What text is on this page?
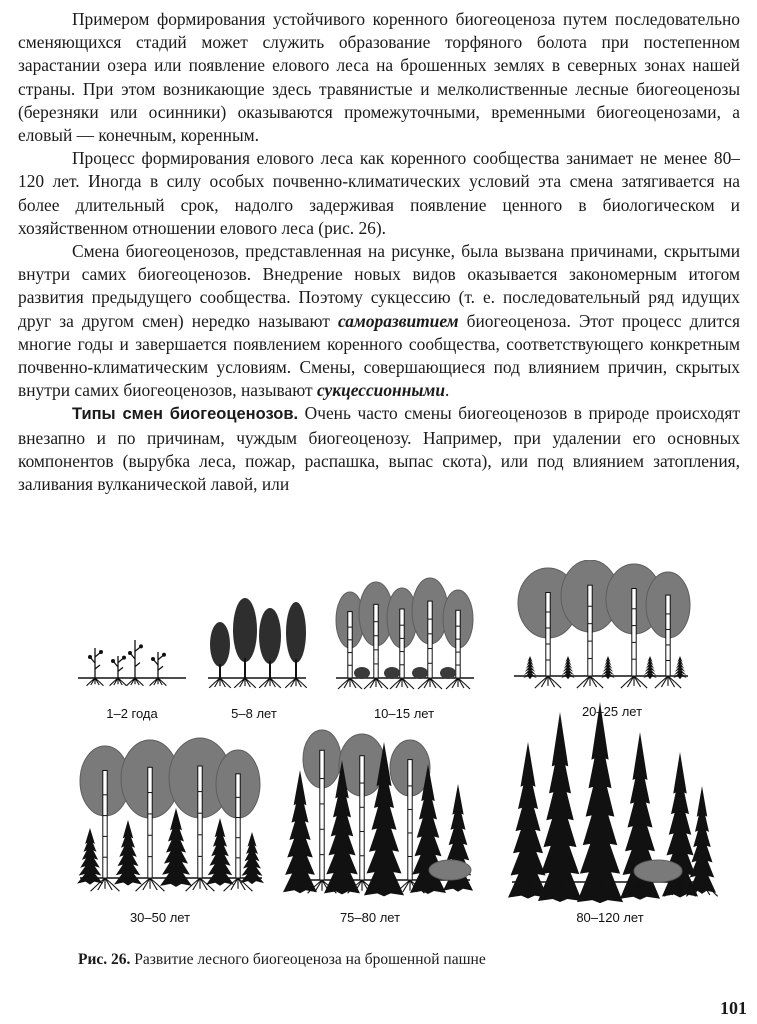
Примером формирования устойчивого коренного биогеоценоза путем последовательно сменяющихся стадий может служить образование торфяного болота при постепенном зарастании озера или появление елового леса на брошенных землях в северных зонах нашей страны. При этом возникающие здесь травянистые и мелколиственные лесные биогеоценозы (березняки или осинники) оказываются промежуточными, временными биогеоценозами, а еловый — конечным, коренным.

Процесс формирования елового леса как коренного сообщества занимает не менее 80–120 лет. Иногда в силу особых почвенно-климатических условий эта смена затягивается на более длительный срок, надолго задерживая появление ценного в биологическом и хозяйственном отношении елового леса (рис. 26).

Смена биогеоценозов, представленная на рисунке, была вызвана причинами, скрытыми внутри самих биогеоценозов. Внедрение новых видов оказывается закономерным итогом развития предыдущего сообщества. Поэтому сукцессию (т. е. последовательный ряд идущих друг за другом смен) нередко называют саморазвитием биогеоценоза. Этот процесс длится многие годы и завершается появлением коренного сообщества, соответствующего конкретным почвенно-климатическим условиям. Смены, совершающиеся под влиянием причин, скрытых внутри самих биогеоценозов, называют сукцессионными.

Типы смен биогеоценозов. Очень часто смены биогеоценозов в природе происходят внезапно и по причинам, чуждым биогеоценозу. Например, при удалении его основных компонентов (вырубка леса, пожар, распашка, выпас скота), или под влиянием затопления, заливания вулканической лавой, или

1–2 года	5–8 лет	10–15 лет	20–25 лет
30–50 лет	75–80 лет	80–120 лет
Рис. 26. Развитие лесного биогеоценоза на брошенной пашне
101
